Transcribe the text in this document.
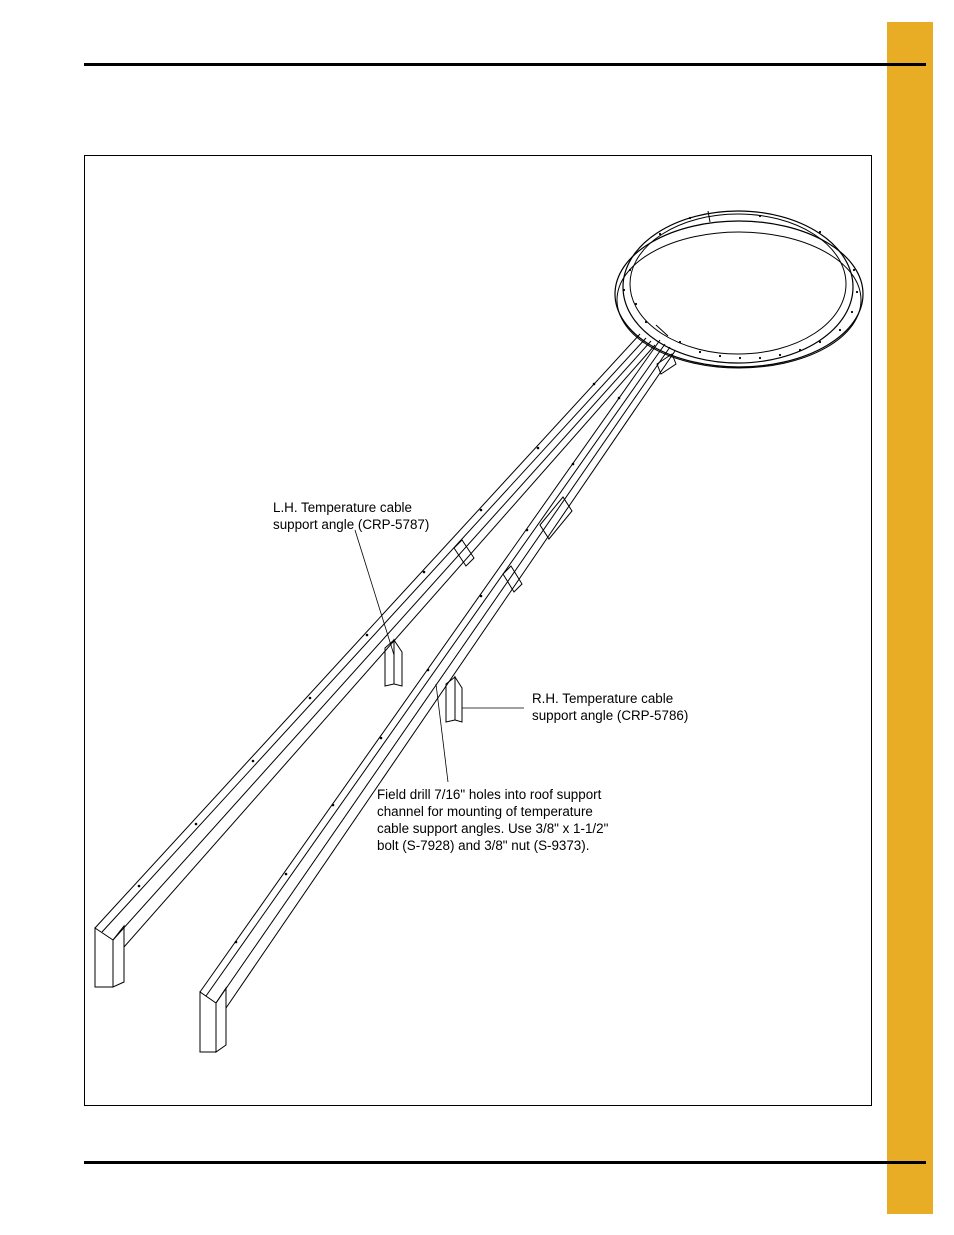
L.H. Temperature cable
support angle (CRP-5787)
R.H. Temperature cable
support angle (CRP-5786)
Field drill 7/16" holes into roof support
channel for mounting of temperature
cable support angles. Use 3/8" x 1-1/2"
bolt (S-7928) and 3/8" nut (S-9373).
